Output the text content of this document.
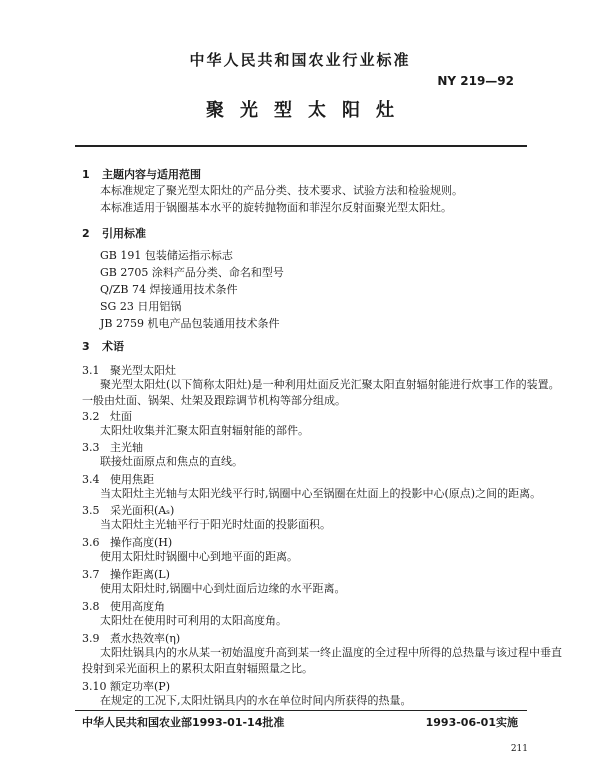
中华人民共和国农业行业标准
NY 219—92
聚光型太阳灶
1 主题内容与适用范围
本标准规定了聚光型太阳灶的产品分类、技术要求、试验方法和检验规则。
本标准适用于锅圈基本水平的旋转抛物面和菲涅尔反射面聚光型太阳灶。
2 引用标准
GB 191 包装储运指示标志
GB 2705 涂料产品分类、命名和型号
Q/ZB 74 焊接通用技术条件
SG 23 日用铝锅
JB 2759 机电产品包装通用技术条件
3 术语
3.1 聚光型太阳灶
聚光型太阳灶(以下简称太阳灶)是一种利用灶面反光汇聚太阳直射辐射能进行炊事工作的装置。
一般由灶面、锅架、灶架及跟踪调节机构等部分组成。
3.2 灶面
太阳灶收集并汇聚太阳直射辐射能的部件。
3.3 主光轴
联接灶面原点和焦点的直线。
3.4 使用焦距
当太阳灶主光轴与太阳光线平行时,锅圈中心至锅圈在灶面上的投影中心(原点)之间的距离。
3.5 采光面积(Aₛ)
当太阳灶主光轴平行于阳光时灶面的投影面积。
3.6 操作高度(H)
使用太阳灶时锅圈中心到地平面的距离。
3.7 操作距离(L)
使用太阳灶时,锅圈中心到灶面后边缘的水平距离。
3.8 使用高度角
太阳灶在使用时可利用的太阳高度角。
3.9 煮水热效率(η)
太阳灶锅具内的水从某一初始温度升高到某一终止温度的全过程中所得的总热量与该过程中垂直
投射到采光面积上的累积太阳直射辐照量之比。
3.10 额定功率(P)
在规定的工况下,太阳灶锅具内的水在单位时间内所获得的热量。
中华人民共和国农业部1993-01-14批准	1993-06-01实施
211
